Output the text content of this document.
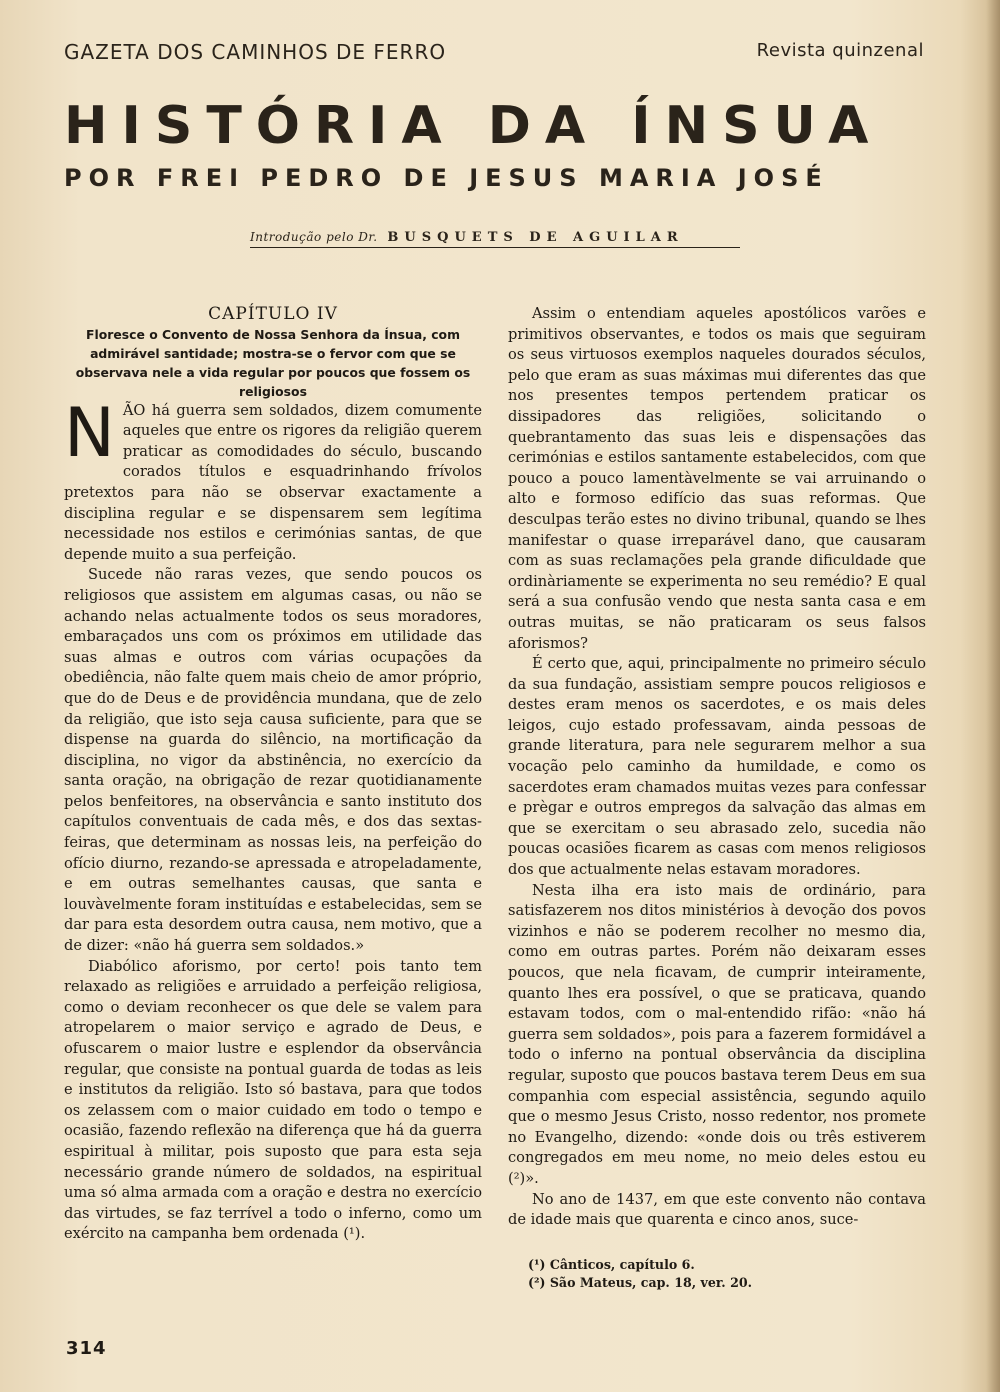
GAZETA DOS CAMINHOS DE FERRO	Revista quinzenal
HISTÓRIA DA ÍNSUA
POR FREI PEDRO DE JESUS MARIA JOSÉ
Introdução pelo Dr. BUSQUETS DE AGUILAR

CAPÍTULO IV

Floresce o Convento de Nossa Senhora da Ínsua, com admirável santidade; mostra-se o fervor com que se observava nele a vida regular por poucos que fossem os religiosos

NÃO há guerra sem soldados, dizem comumente aqueles que entre os rigores da religião querem praticar as comodidades do século, buscando corados títulos e esquadrinhando frívolos pretextos para não se observar exactamente a disciplina regular e se dispensarem sem legítima necessidade nos estilos e cerimónias santas, de que depende muito a sua perfeição.

Sucede não raras vezes, que sendo poucos os religiosos que assistem em algumas casas, ou não se achando nelas actualmente todos os seus moradores, embaraçados uns com os próximos em utilidade das suas almas e outros com várias ocupações da obediência, não falte quem mais cheio de amor próprio, que do de Deus e de providência mundana, que de zelo da religião, que isto seja causa suficiente, para que se dispense na guarda do silêncio, na mortificação da disciplina, no vigor da abstinência, no exercício da santa oração, na obrigação de rezar quotidianamente pelos benfeitores, na observância e santo instituto dos capítulos conventuais de cada mês, e dos das sextas-feiras, que determinam as nossas leis, na perfeição do ofício diurno, rezando-se apressada e atropeladamente, e em outras semelhantes causas, que santa e louvàvelmente foram instituídas e estabelecidas, sem se dar para esta desordem outra causa, nem motivo, que a de dizer: «não há guerra sem soldados.»

Diabólico aforismo, por certo! pois tanto tem relaxado as religiões e arruidado a perfeição religiosa, como o deviam reconhecer os que dele se valem para atropelarem o maior serviço e agrado de Deus, e ofuscarem o maior lustre e esplendor da observância regular, que consiste na pontual guarda de todas as leis e institutos da religião. Isto só bastava, para que todos os zelassem com o maior cuidado em todo o tempo e ocasião, fazendo reflexão na diferença que há da guerra espiritual à militar, pois suposto que para esta seja necessário grande número de soldados, na espiritual uma só alma armada com a oração e destra no exercício das virtudes, se faz terrível a todo o inferno, como um exército na campanha bem ordenada (¹).

Assim o entendiam aqueles apostólicos varões e primitivos observantes, e todos os mais que seguiram os seus virtuosos exemplos naqueles dourados séculos, pelo que eram as suas máximas mui diferentes das que nos presentes tempos pertendem praticar os dissipadores das religiões, solicitando o quebrantamento das suas leis e dispensações das cerimónias e estilos santamente estabelecidos, com que pouco a pouco lamentàvelmente se vai arruinando o alto e formoso edifício das suas reformas. Que desculpas terão estes no divino tribunal, quando se lhes manifestar o quase irreparável dano, que causaram com as suas reclamações pela grande dificuldade que ordinàriamente se experimenta no seu remédio? E qual será a sua confusão vendo que nesta santa casa e em outras muitas, se não praticaram os seus falsos aforismos?

É certo que, aqui, principalmente no primeiro século da sua fundação, assistiam sempre poucos religiosos e destes eram menos os sacerdotes, e os mais deles leigos, cujo estado professavam, ainda pessoas de grande literatura, para nele segurarem melhor a sua vocação pelo caminho da humildade, e como os sacerdotes eram chamados muitas vezes para confessar e prègar e outros empregos da salvação das almas em que se exercitam o seu abrasado zelo, sucedia não poucas ocasiões ficarem as casas com menos religiosos dos que actualmente nelas estavam moradores.

Nesta ilha era isto mais de ordinário, para satisfazerem nos ditos ministérios à devoção dos povos vizinhos e não se poderem recolher no mesmo dia, como em outras partes. Porém não deixaram esses poucos, que nela ficavam, de cumprir inteiramente, quanto lhes era possível, o que se praticava, quando estavam todos, com o mal-entendido rifão: «não há guerra sem soldados», pois para a fazerem formidável a todo o inferno na pontual observância da disciplina regular, suposto que poucos bastava terem Deus em sua companhia com especial assistência, segundo aquilo que o mesmo Jesus Cristo, nosso redentor, nos promete no Evangelho, dizendo: «onde dois ou três estiverem congregados em meu nome, no meio deles estou eu (²)».

No ano de 1437, em que este convento não contava de idade mais que quarenta e cinco anos, suce-

(¹) Cânticos, capítulo 6.
(²) São Mateus, cap. 18, ver. 20.
314
